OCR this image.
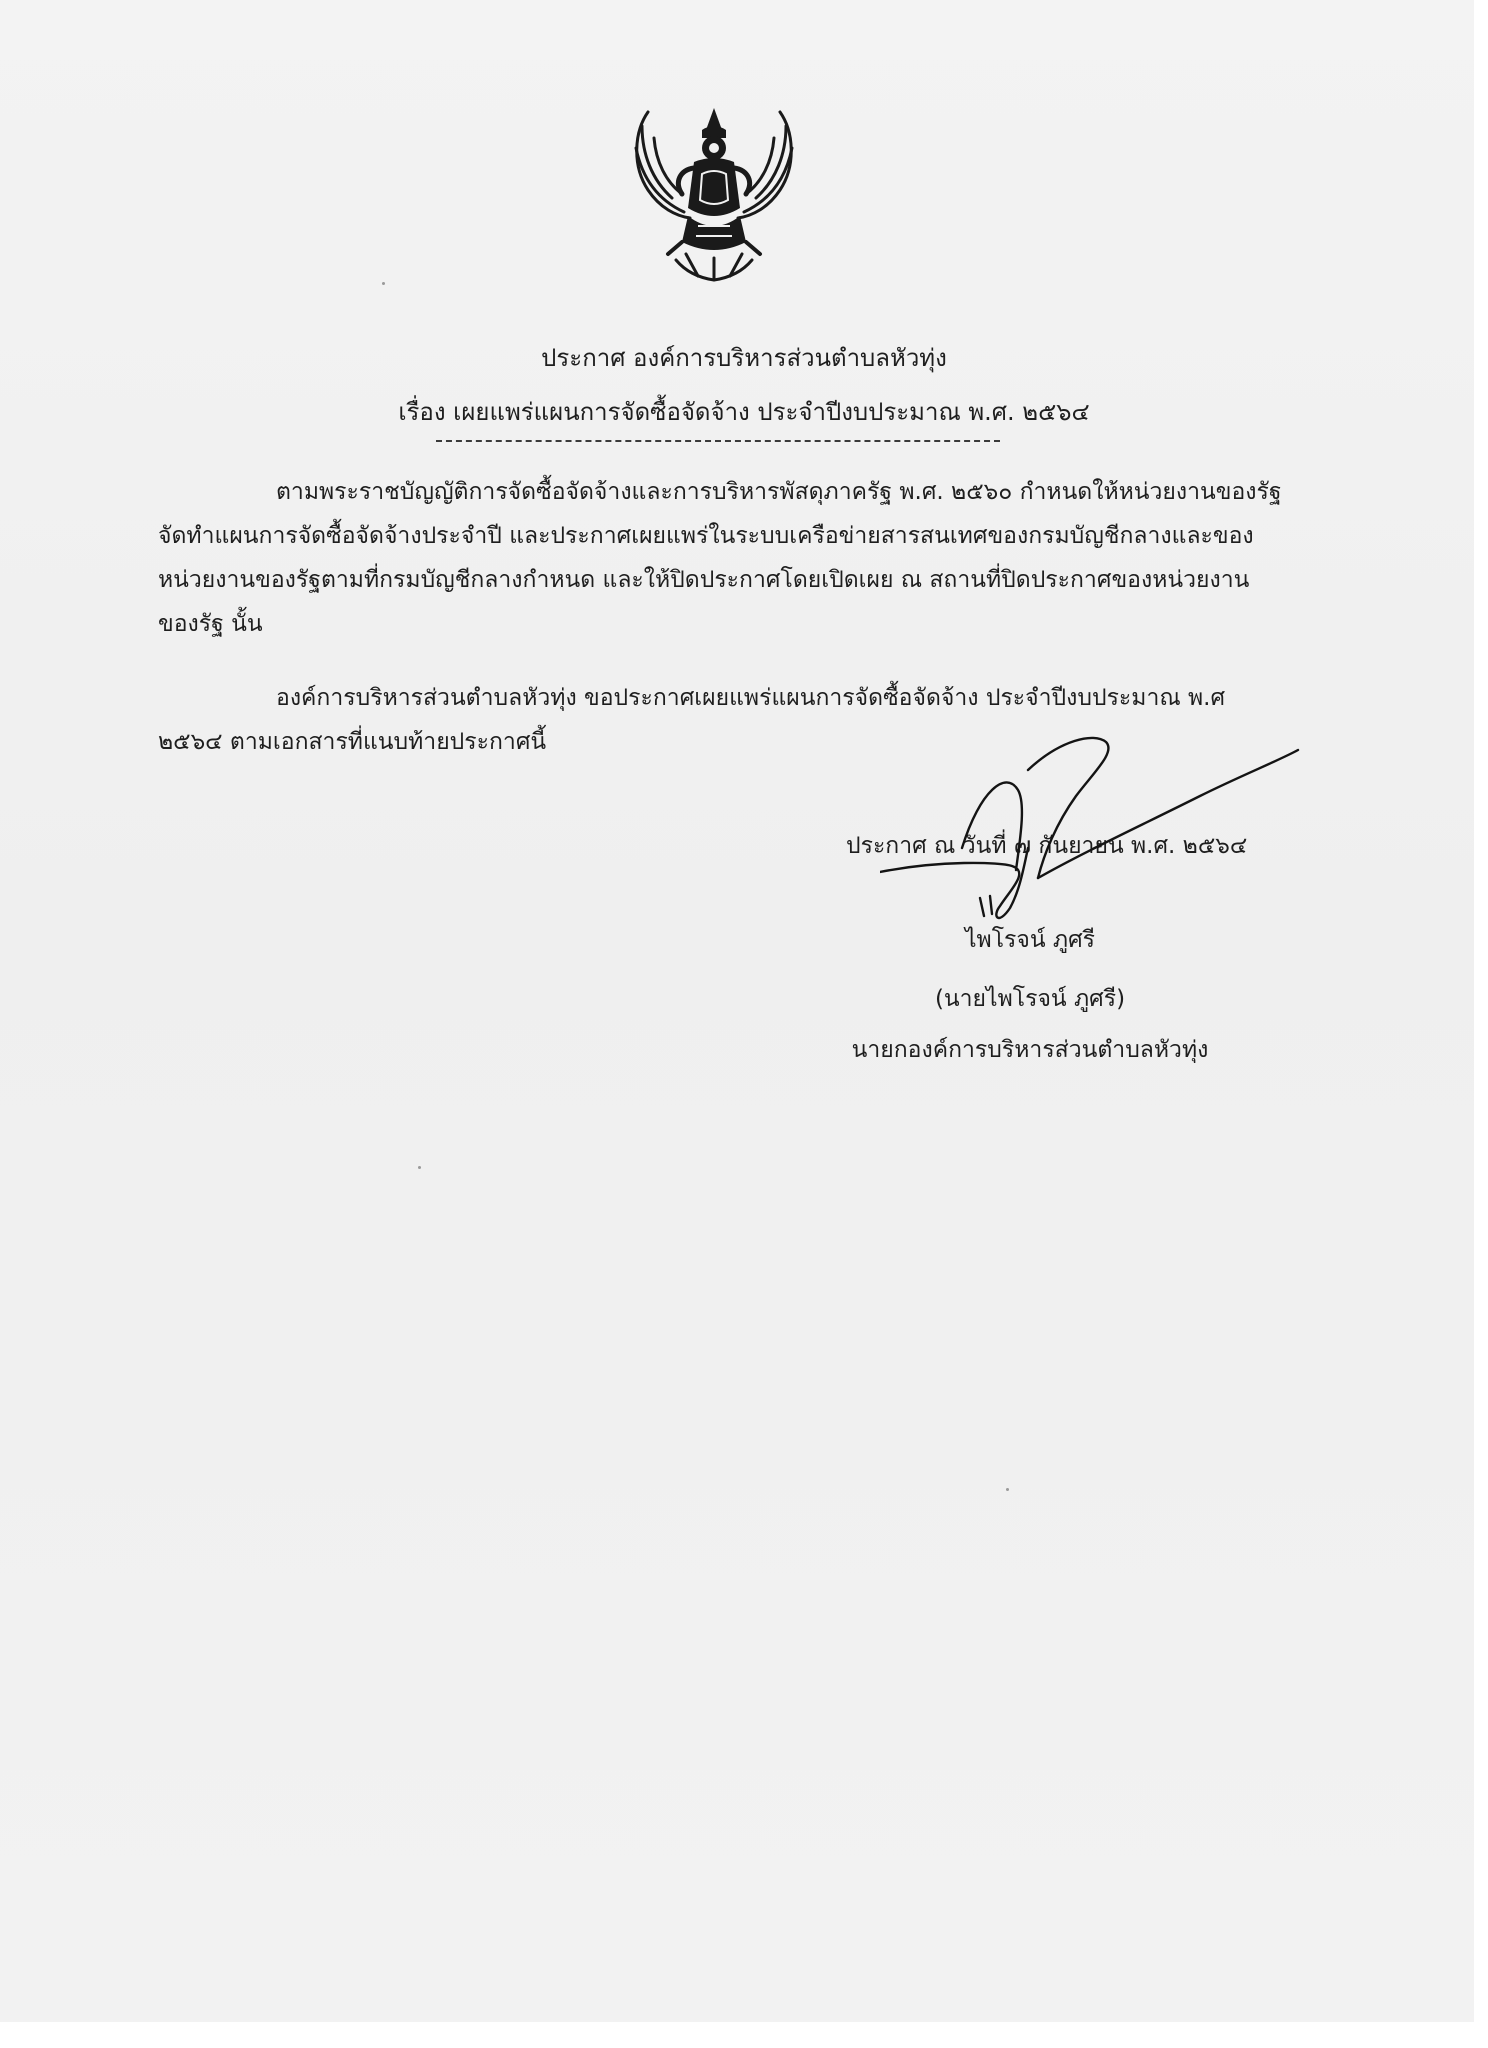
ประกาศ องค์การบริหารส่วนตำบลหัวทุ่ง
เรื่อง เผยแพร่แผนการจัดซื้อจัดจ้าง ประจำปีงบประมาณ พ.ศ. ๒๕๖๔
ตามพระราชบัญญัติการจัดซื้อจัดจ้างและการบริหารพัสดุภาครัฐ พ.ศ. ๒๕๖๐ กำหนดให้หน่วยงานของรัฐ
จัดทำแผนการจัดซื้อจัดจ้างประจำปี และประกาศเผยแพร่ในระบบเครือข่ายสารสนเทศของกรมบัญชีกลางและของ
หน่วยงานของรัฐตามที่กรมบัญชีกลางกำหนด และให้ปิดประกาศโดยเปิดเผย ณ สถานที่ปิดประกาศของหน่วยงาน
ของรัฐ นั้น
องค์การบริหารส่วนตำบลหัวทุ่ง ขอประกาศเผยแพร่แผนการจัดซื้อจัดจ้าง ประจำปีงบประมาณ พ.ศ
๒๕๖๔ ตามเอกสารที่แนบท้ายประกาศนี้
ประกาศ ณ วันที่ ๗ กันยายน พ.ศ. ๒๕๖๔
ไพโรจน์ ภูศรี
(นายไพโรจน์ ภูศรี)
นายกองค์การบริหารส่วนตำบลหัวทุ่ง
